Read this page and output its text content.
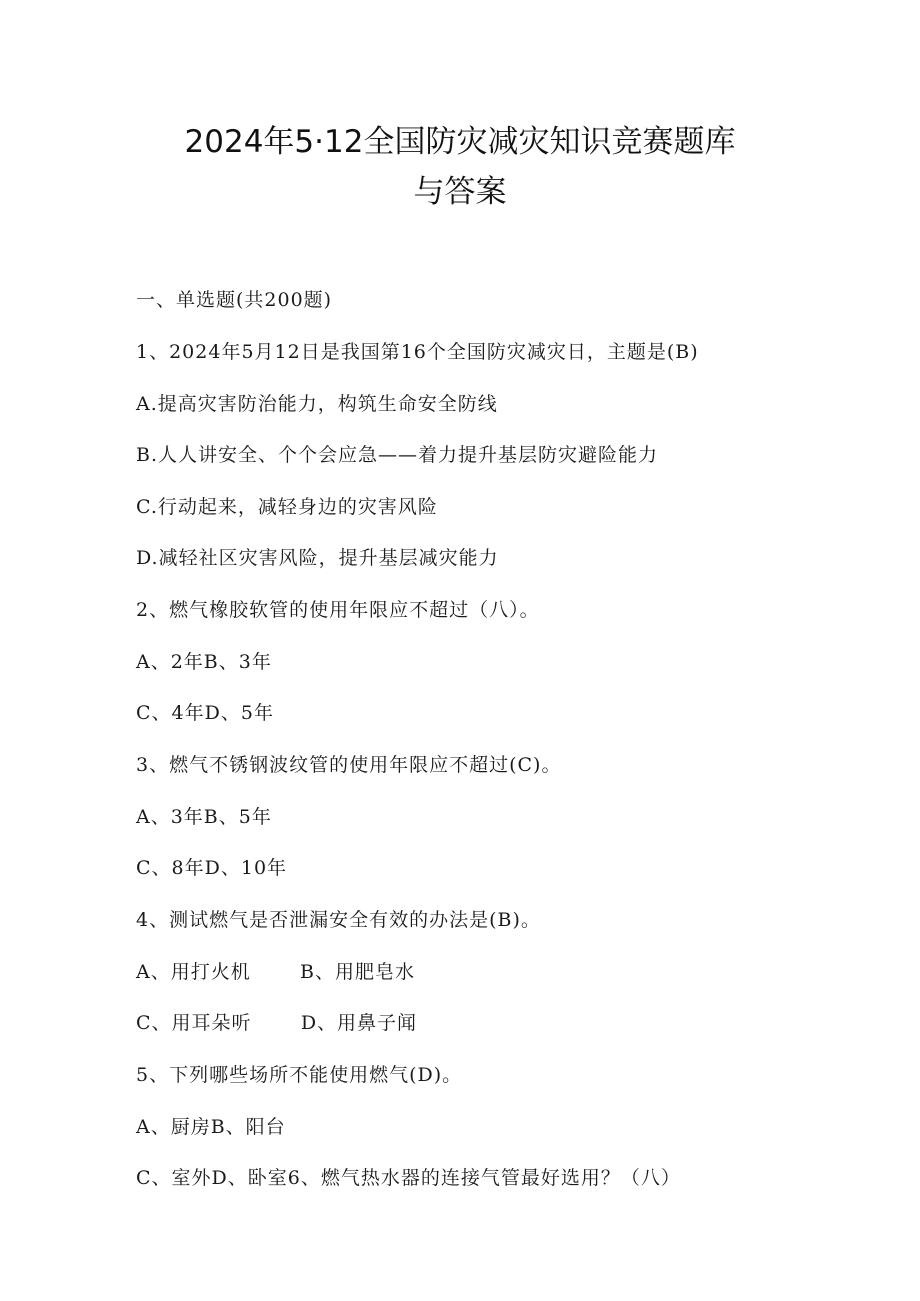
2024年5·12全国防灾减灾知识竞赛题库
与答案
一、单选题(共200题)
1、2024年5月12日是我国第16个全国防灾减灾日，主题是(B)
A.提高灾害防治能力，构筑生命安全防线
B.人人讲安全、个个会应急——着力提升基层防灾避险能力
C.行动起来，减轻身边的灾害风险
D.减轻社区灾害风险，提升基层减灾能力
2、燃气橡胶软管的使用年限应不超过（八）。
A、2年B、3年
C、4年D、5年
3、燃气不锈钢波纹管的使用年限应不超过(C)。
A、3年B、5年
C、8年D、10年
4、测试燃气是否泄漏安全有效的办法是(B)。
A、用打火机       B、用肥皂水
C、用耳朵听       D、用鼻子闻
5、下列哪些场所不能使用燃气(D)。
A、厨房B、阳台
C、室外D、卧室6、燃气热水器的连接气管最好选用？（八）
